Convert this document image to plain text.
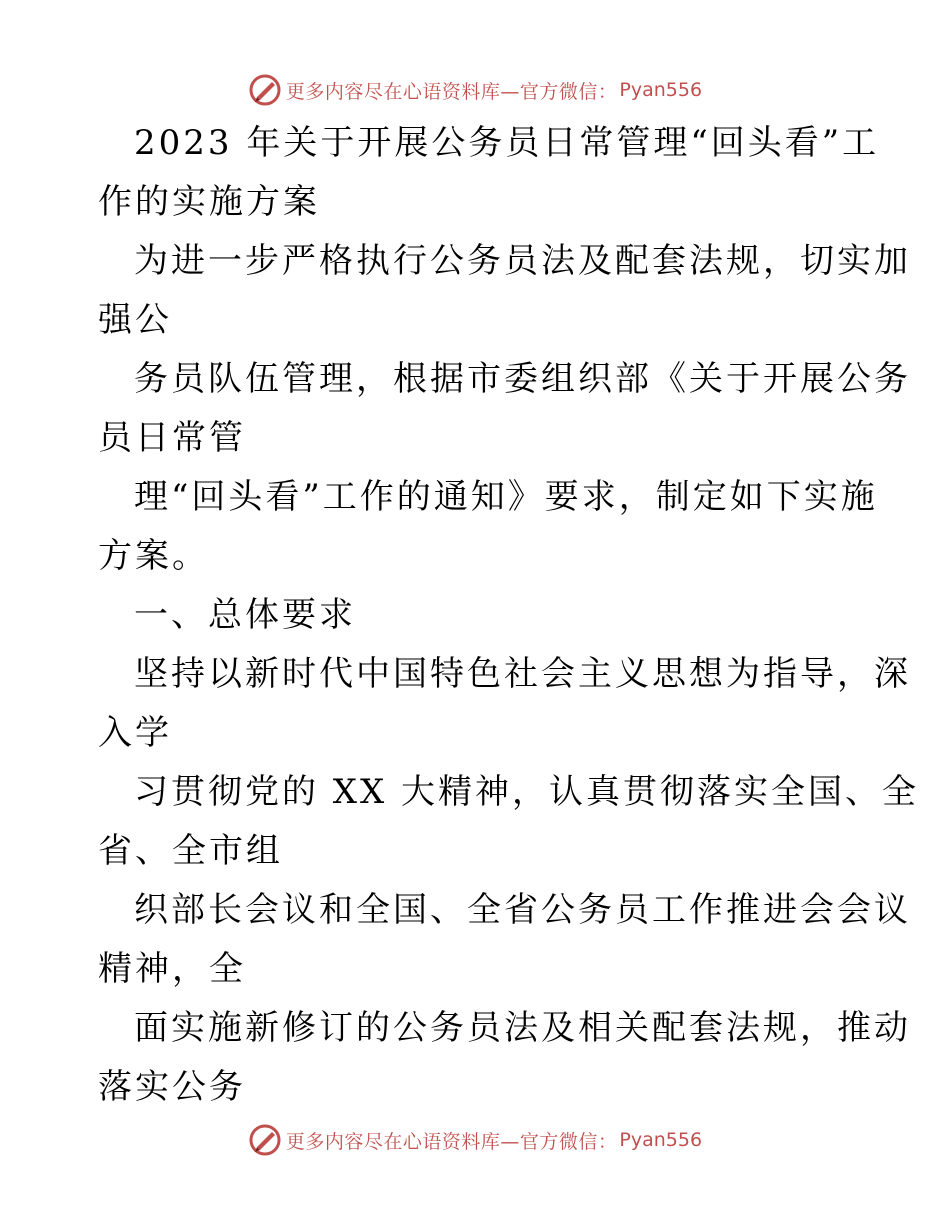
更多内容尽在心语资料库—官方微信： Pyan556
2023 年关于开展公务员日常管理“回头看”工
作的实施方案
为进一步严格执行公务员法及配套法规，切实加
强公
务员队伍管理，根据市委组织部《关于开展公务
员日常管
理“回头看”工作的通知》要求，制定如下实施
方案。
一、总体要求
坚持以新时代中国特色社会主义思想为指导，深
入学
习贯彻党的 XX 大精神，认真贯彻落实全国、全
省、全市组
织部长会议和全国、全省公务员工作推进会会议
精神，全
面实施新修订的公务员法及相关配套法规，推动
落实公务
更多内容尽在心语资料库—官方微信： Pyan556
